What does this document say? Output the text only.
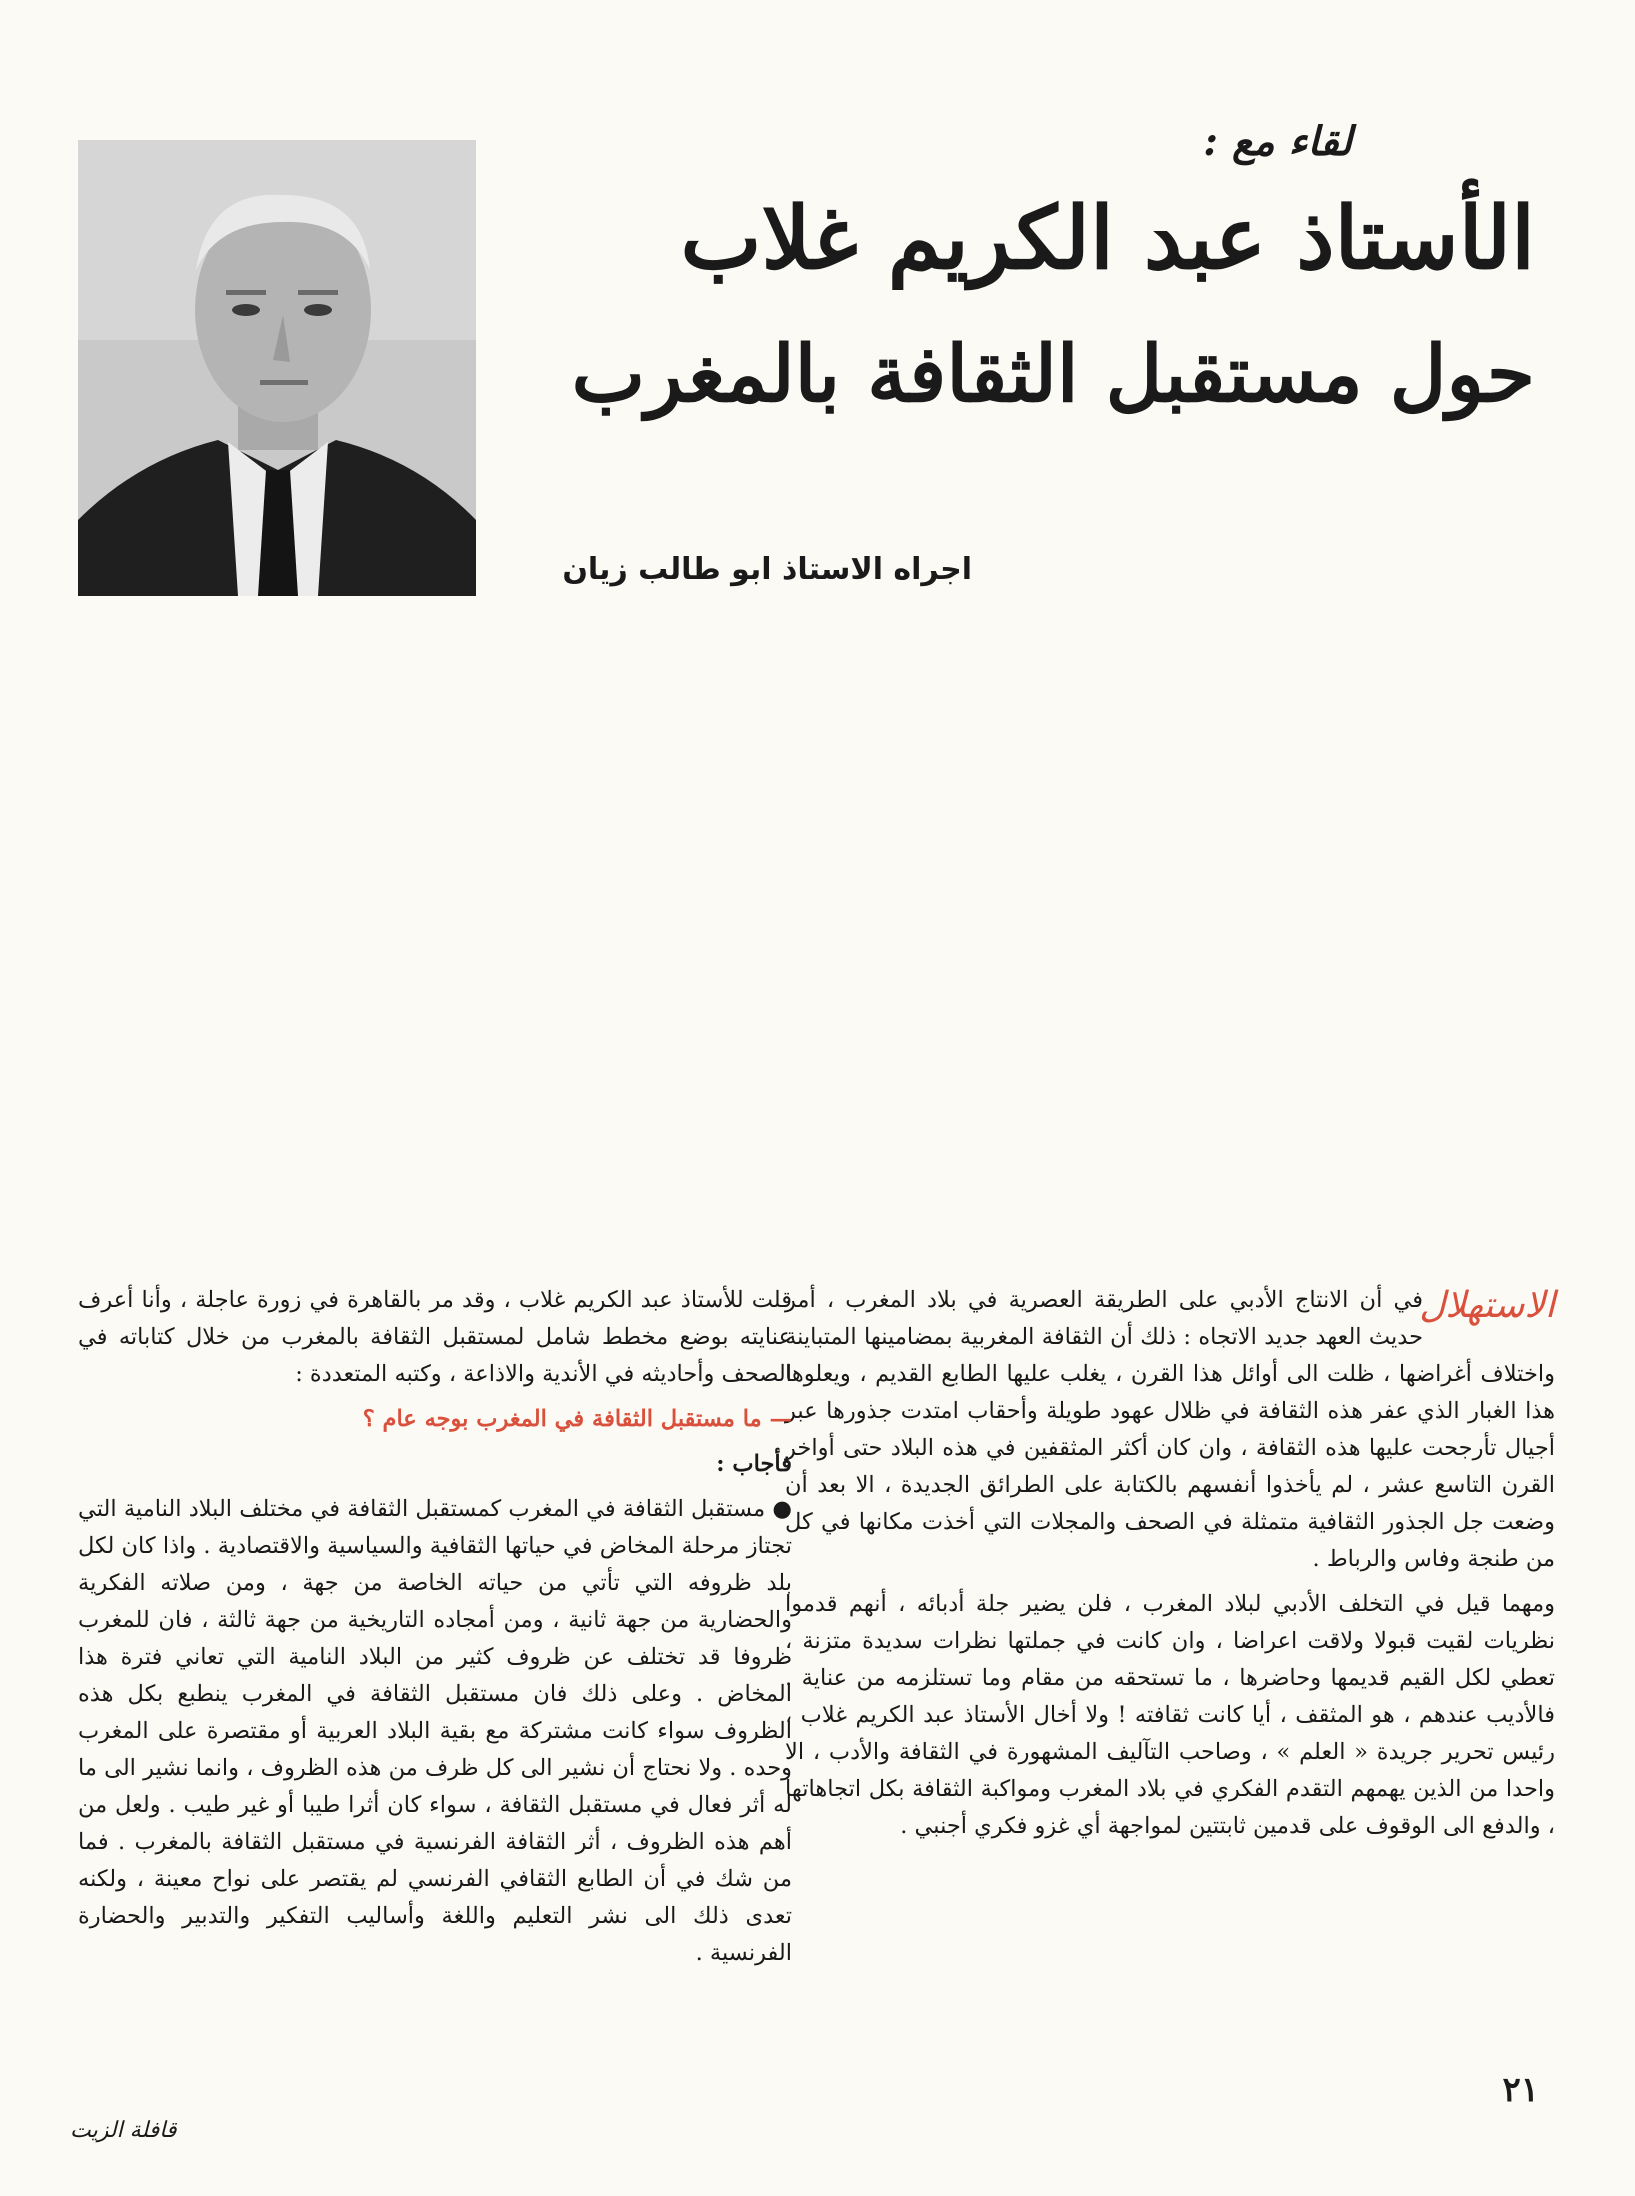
لقاء مع :
الأستاذ عبد الكريم غلاب
حول مستقبل الثقافة بالمغرب
اجراه الاستاذ ابو طالب زيان
الاستهلال

في أن الانتاج الأدبي على الطريقة العصرية في بلاد المغرب ، أمر حديث العهد جديد الاتجاه : ذلك أن الثقافة المغربية بمضامينها المتباينة واختلاف أغراضها ، ظلت الى أوائل هذا القرن ، يغلب عليها الطابع القديم ، ويعلوها هذا الغبار الذي عفر هذه الثقافة في ظلال عهود طويلة وأحقاب امتدت جذورها عبر أجيال تأرجحت عليها هذه الثقافة ، وان كان أكثر المثقفين في هذه البلاد حتى أواخر القرن التاسع عشر ، لم يأخذوا أنفسهم بالكتابة على الطرائق الجديدة ، الا بعد أن وضعت جل الجذور الثقافية متمثلة في الصحف والمجلات التي أخذت مكانها في كل من طنجة وفاس والرباط .

ومهما قيل في التخلف الأدبي لبلاد المغرب ، فلن يضير جلة أدبائه ، أنهم قدموا نظريات لقيت قبولا ولاقت اعراضا ، وان كانت في جملتها نظرات سديدة متزنة ، تعطي لكل القيم قديمها وحاضرها ، ما تستحقه من مقام وما تستلزمه من عناية . فالأديب عندهم ، هو المثقف ، أيا كانت ثقافته ! ولا أخال الأستاذ عبد الكريم غلاب ، رئيس تحرير جريدة « العلم » ، وصاحب التآليف المشهورة في الثقافة والأدب ، الا واحدا من الذين يهمهم التقدم الفكري في بلاد المغرب ومواكبة الثقافة بكل اتجاهاتها ، والدفع الى الوقوف على قدمين ثابتتين لمواجهة أي غزو فكري أجنبي .

قلت للأستاذ عبد الكريم غلاب ، وقد مر بالقاهرة في زورة عاجلة ، وأنا أعرف عنايته بوضع مخطط شامل لمستقبل الثقافة بالمغرب من خلال كتاباته في الصحف وأحاديثه في الأندية والاذاعة ، وكتبه المتعددة :

— ما مستقبل الثقافة في المغرب بوجه عام ؟

فأجاب :

● مستقبل الثقافة في المغرب كمستقبل الثقافة في مختلف البلاد النامية التي تجتاز مرحلة المخاض في حياتها الثقافية والسياسية والاقتصادية . واذا كان لكل بلد ظروفه التي تأتي من حياته الخاصة من جهة ، ومن صلاته الفكرية والحضارية من جهة ثانية ، ومن أمجاده التاريخية من جهة ثالثة ، فان للمغرب ظروفا قد تختلف عن ظروف كثير من البلاد النامية التي تعاني فترة هذا المخاض . وعلى ذلك فان مستقبل الثقافة في المغرب ينطبع بكل هذه الظروف سواء كانت مشتركة مع بقية البلاد العربية أو مقتصرة على المغرب وحده . ولا نحتاج أن نشير الى كل ظرف من هذه الظروف ، وانما نشير الى ما له أثر فعال في مستقبل الثقافة ، سواء كان أثرا طيبا أو غير طيب . ولعل من أهم هذه الظروف ، أثر الثقافة الفرنسية في مستقبل الثقافة بالمغرب . فما من شك في أن الطابع الثقافي الفرنسي لم يقتصر على نواح معينة ، ولكنه تعدى ذلك الى نشر التعليم واللغة وأساليب التفكير والتدبير والحضارة الفرنسية .

٢١
قافلة الزيت
